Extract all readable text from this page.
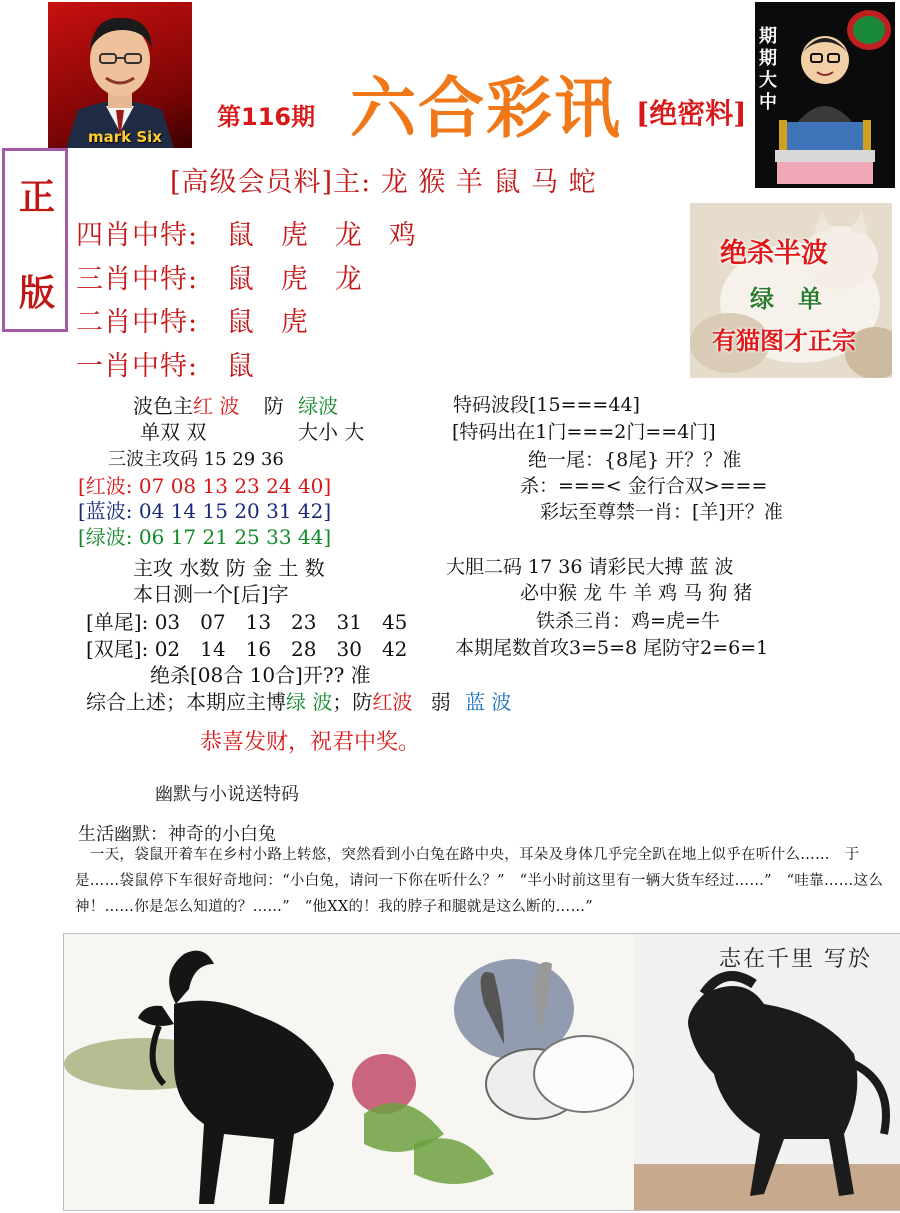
mark Six
期
期
大
中
第116期 六合彩讯 [绝密料]
正
版
[高级会员料]主: 龙 猴 羊 鼠 马 蛇
四肖中特: 鼠　虎　龙　鸡
三肖中特: 鼠　虎　龙
二肖中特: 鼠　虎
一肖中特: 鼠
绝杀半波
绿　单
有猫图才正宗
波色主红 波 防 绿波
单双 双	大小 大
三波主攻码 15 29 36
[红波: 07 08 13 23 24 40]
[蓝波: 04 14 15 20 31 42]
[绿波: 06 17 21 25 33 44]
主攻 水数 防 金 土 数
本日测一个[后]字
[单尾]: 03　07　13　23　31　45
[双尾]: 02　14　16　28　30　42
绝杀[08合 10合]开?? 准
综合上述；本期应主博绿 波；防红波 弱 蓝 波
恭喜发财，祝君中奖。
特码波段[15===44]
[特码出在1门===2门==4门]
绝一尾：{8尾} 开？？准
杀：===< 金行合双>===
彩坛至尊禁一肖：[羊]开？准
大胆二码 17 36 请彩民大搏 蓝 波
必中猴 龙 牛 羊 鸡 马 狗 猪
铁杀三肖：鸡=虎=牛
本期尾数首攻3=5=8 尾防守2=6=1
幽默与小说送特码
生活幽默：神奇的小白兔
　一天，袋鼠开着车在乡村小路上转悠，突然看到小白兔在路中央，耳朵及身体几乎完全趴在地上似乎在听什么……　于是……袋鼠停下车很好奇地问：“小白兔，请问一下你在听什么？”　“半小时前这里有一辆大货车经过……”　“哇靠……这么神！……你是怎么知道的？……”　“他XX的！我的脖子和腿就是这么断的……”
志在千里 写於
